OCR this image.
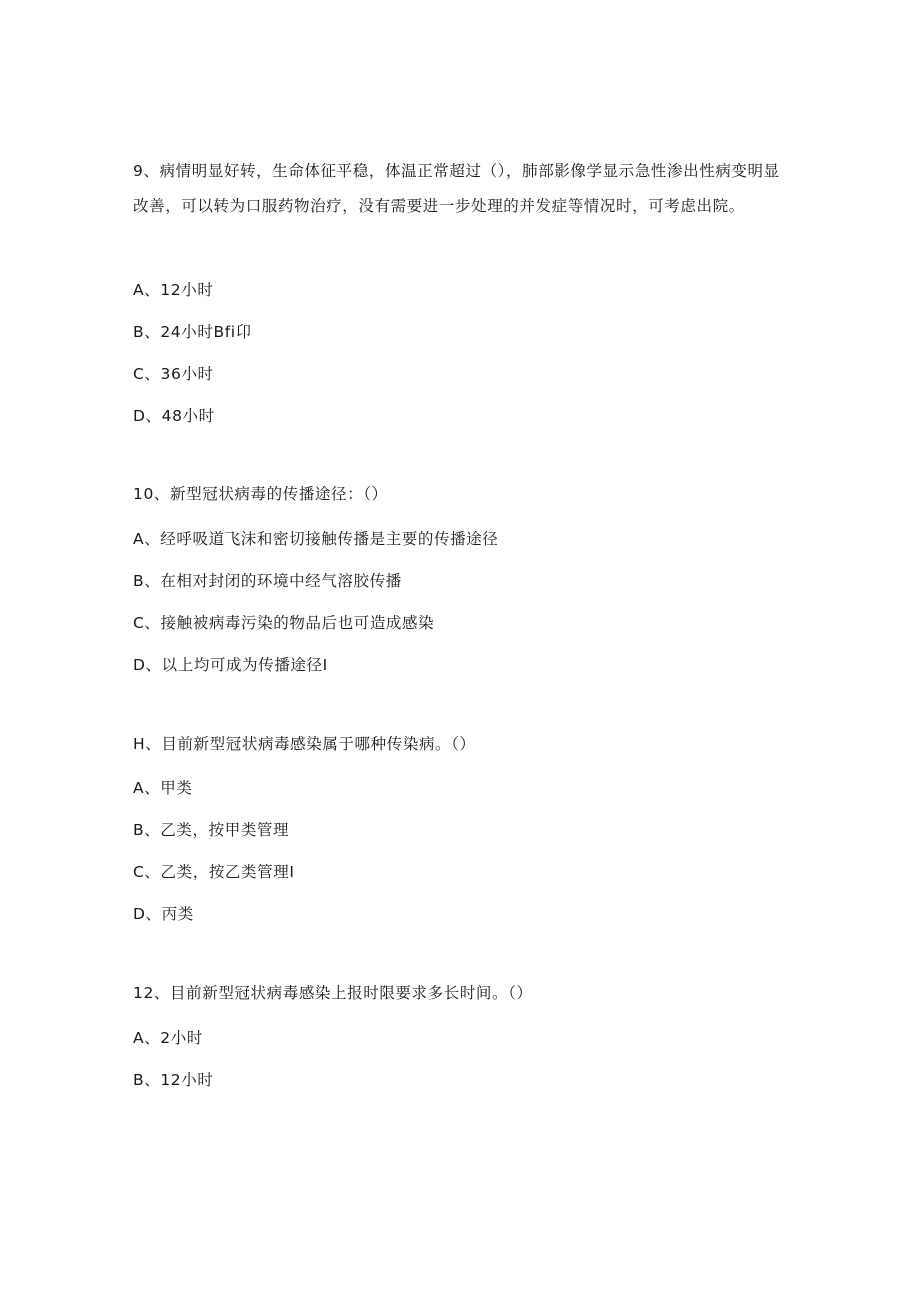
9、病情明显好转，生命体征平稳，体温正常超过（），肺部影像学显示急性渗出性病变明显改善，可以转为口服药物治疗，没有需要进一步处理的并发症等情况时，可考虑出院。
A、12小时
B、24小时Bfi卬
C、36小时
D、48小时
10、新型冠状病毒的传播途径：（）
A、经呼吸道飞沫和密切接触传播是主要的传播途径
B、在相对封闭的环境中经气溶胶传播
C、接触被病毒污染的物品后也可造成感染
D、以上均可成为传播途径I
H、目前新型冠状病毒感染属于哪种传染病。（）
A、甲类
B、乙类，按甲类管理
C、乙类，按乙类管理I
D、丙类
12、目前新型冠状病毒感染上报时限要求多长时间。（）
A、2小时
B、12小时
